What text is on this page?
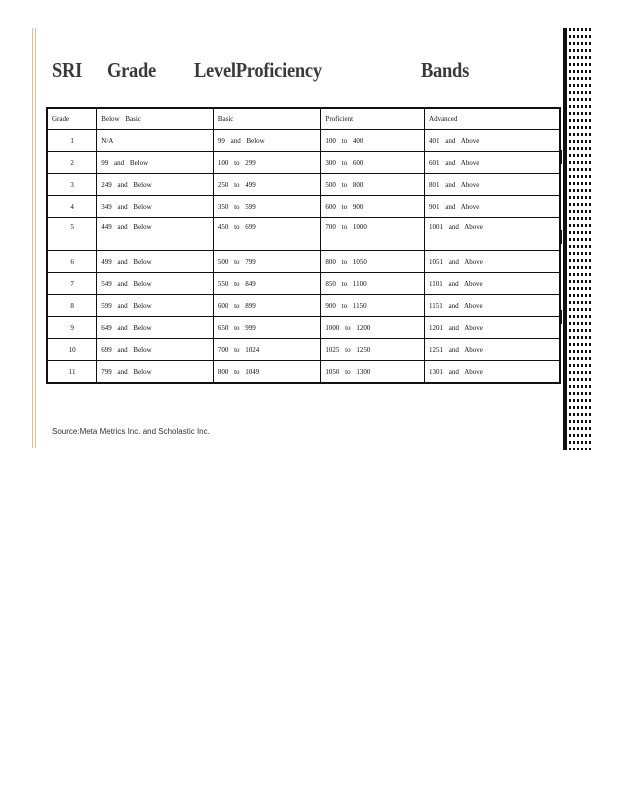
SRI Grade LevelProficiency	Bands
Grade	Below Basic	Basic	Proficient	Advanced
1	N/A	99 and Below	100 to 400	401 and Above
2	99 and Below	100 to 299	300 to 600	601 and Above
3	249 and Below	250 to 499	500 to 800	801 and Above
4	349 and Below	350 to 599	600 to 900	901 and Above
5	449 and Below	450 to 699	700 to 1000	1001 and Above
6	499 and Below	500 to 799	800 to 1050	1051 and Above
7	549 and Below	550 to 849	850 to 1100	1101 and Above
8	599 and Below	600 to 899	900 to 1150	1151 and Above
9	649 and Below	650 to 999	1000 to 1200	1201 and Above
10	699 and Below	700 to 1024	1025 to 1250	1251 and Above
11	799 and Below	800 to 1049	1050 to 1300	1301 and Above
Source:Meta Metrics Inc. and Scholastic Inc.
